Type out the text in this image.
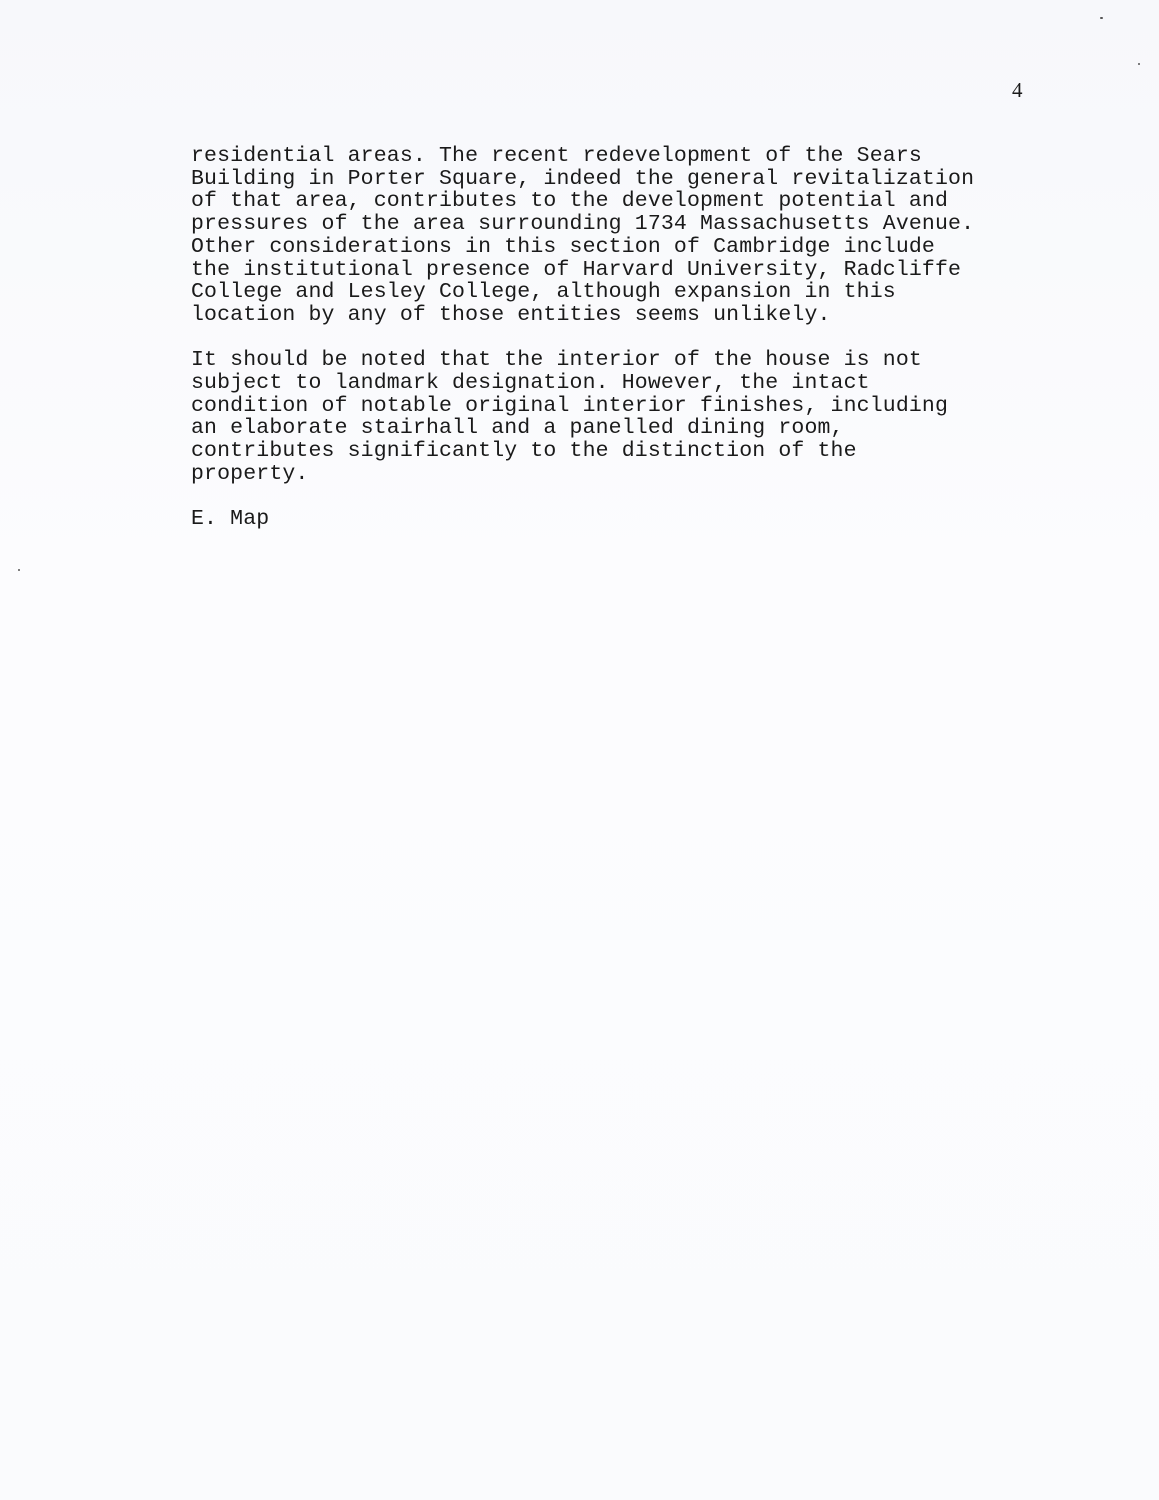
4

residential areas. The recent redevelopment of the Sears
Building in Porter Square, indeed the general revitalization
of that area, contributes to the development potential and
pressures of the area surrounding 1734 Massachusetts Avenue.
Other considerations in this section of Cambridge include
the institutional presence of Harvard University, Radcliffe
College and Lesley College, although expansion in this
location by any of those entities seems unlikely.

It should be noted that the interior of the house is not
subject to landmark designation. However, the intact
condition of notable original interior finishes, including
an elaborate stairhall and a panelled dining room,
contributes significantly to the distinction of the
property.

E. Map
